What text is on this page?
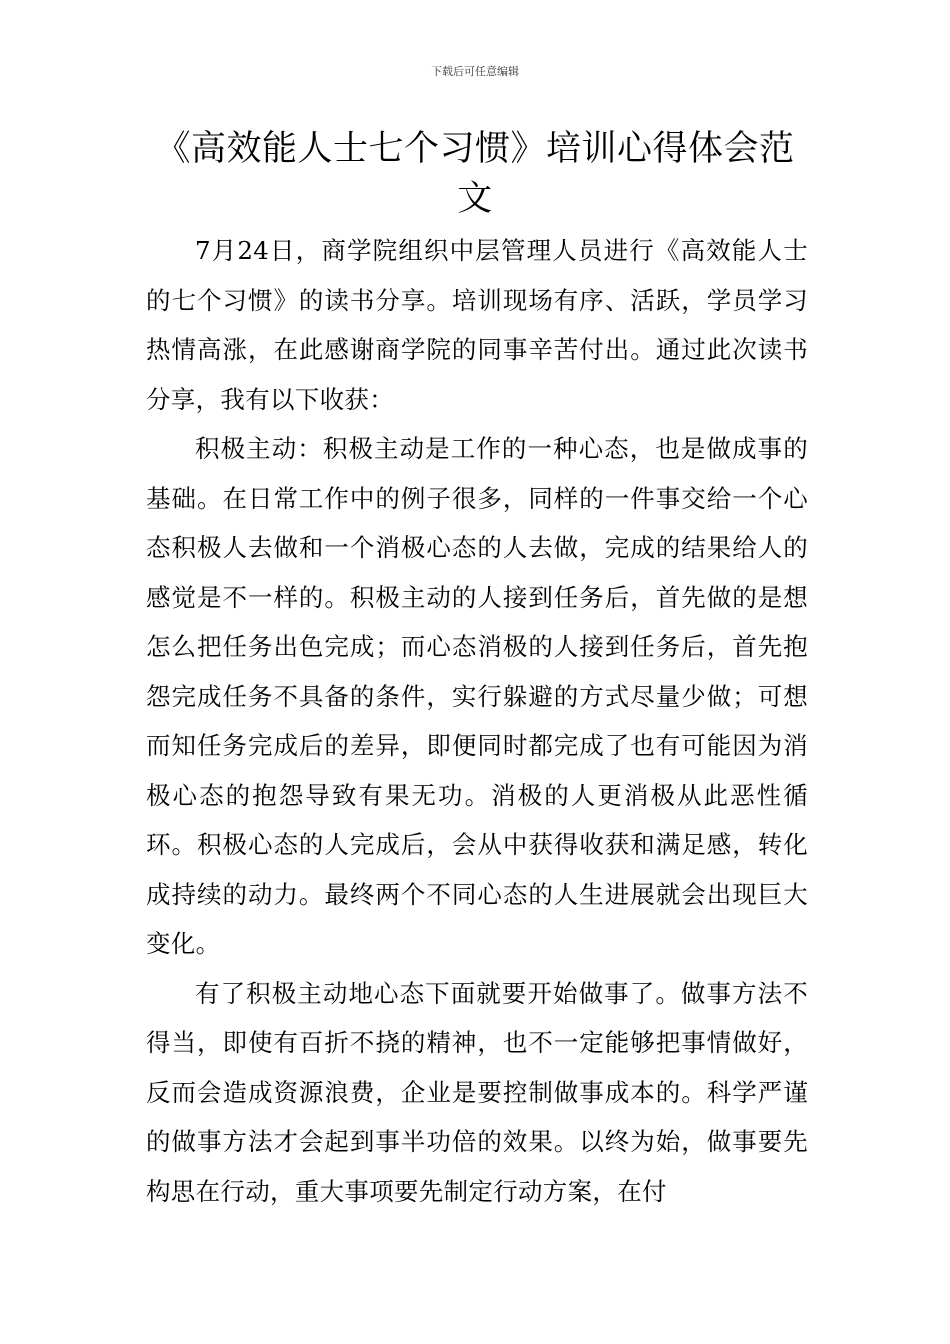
下载后可任意编辑
《高效能人士七个习惯》培训心得体会范文

7月24日，商学院组织中层管理人员进行《高效能人士的七个习惯》的读书分享。培训现场有序、活跃，学员学习热情高涨，在此感谢商学院的同事辛苦付出。通过此次读书分享，我有以下收获：

积极主动：积极主动是工作的一种心态，也是做成事的基础。在日常工作中的例子很多，同样的一件事交给一个心态积极人去做和一个消极心态的人去做，完成的结果给人的感觉是不一样的。积极主动的人接到任务后，首先做的是想怎么把任务出色完成；而心态消极的人接到任务后，首先抱怨完成任务不具备的条件，实行躲避的方式尽量少做；可想而知任务完成后的差异，即便同时都完成了也有可能因为消极心态的抱怨导致有果无功。消极的人更消极从此恶性循环。积极心态的人完成后，会从中获得收获和满足感，转化成持续的动力。最终两个不同心态的人生进展就会出现巨大变化。

有了积极主动地心态下面就要开始做事了。做事方法不得当，即使有百折不挠的精神，也不一定能够把事情做好，反而会造成资源浪费，企业是要控制做事成本的。科学严谨的做事方法才会起到事半功倍的效果。以终为始，做事要先构思在行动，重大事项要先制定行动方案，在付
